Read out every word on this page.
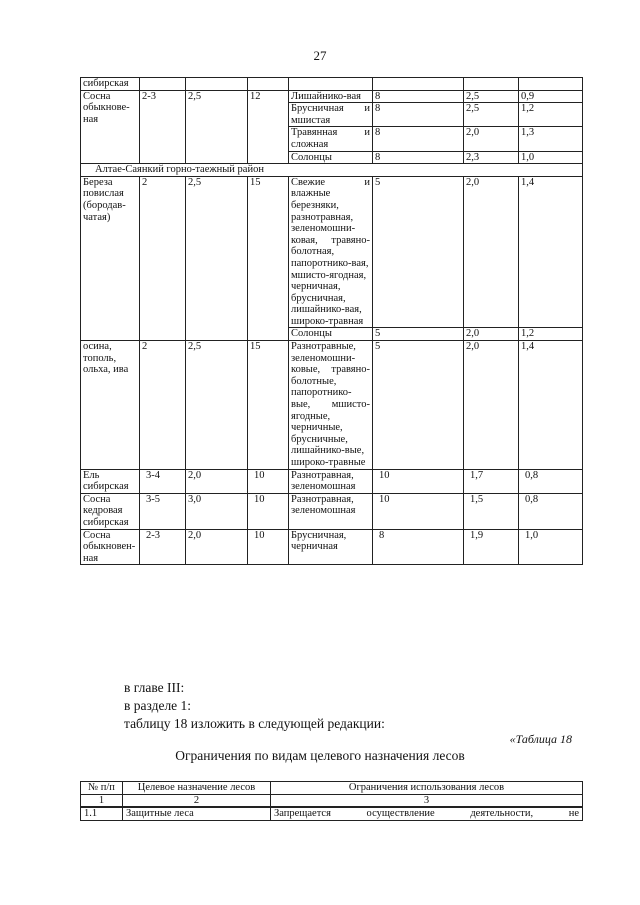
27
сибирская							
Сосна обыкнове-ная	2-3	2,5	12	Лишайнико-вая	8	2,5	0,9
				Брусничная и мшистая	8	2,5	1,2
				Травянная и сложная	8	2,0	1,3
				Солонцы	8	2,3	1,0
Алтае-Саянкий горно-таежный район							
Береза повислая (бородав-чатая)	2	2,5	15	Свежие и влажные березняки, разнотравная, зеленомошни-ковая, травяно-болотная, папоротнико-вая, мшисто-ягодная, черничная, брусничная, лишайнико-вая, широко-травная	5	2,0	1,4
				Солонцы	5	2,0	1,2
осина, тополь, ольха, ива	2	2,5	15	Разнотравные, зеленомошни-ковые, травяно-болотные, папоротнико-вые, мшисто-ягодные, черничные, брусничные, лишайнико-вые, широко-травные	5	2,0	1,4
Ель сибирская	3-4	2,0	10	Разнотравная, зеленомошная	10	1,7	0,8
Сосна кедровая сибирская	3-5	3,0	10	Разнотравная, зеленомошная	10	1,5	0,8
Сосна обыкновен-ная	2-3	2,0	10	Брусничная, черничная	8	1,9	1,0
в главе III:
в разделе 1:
таблицу 18 изложить в следующей редакции:
«Таблица 18
Ограничения по видам целевого назначения лесов
№ п/п	Целевое назначение лесов	Ограничения использования лесов
1	2	3
1.1	Защитные леса	Запрещается осуществление деятельности, не
